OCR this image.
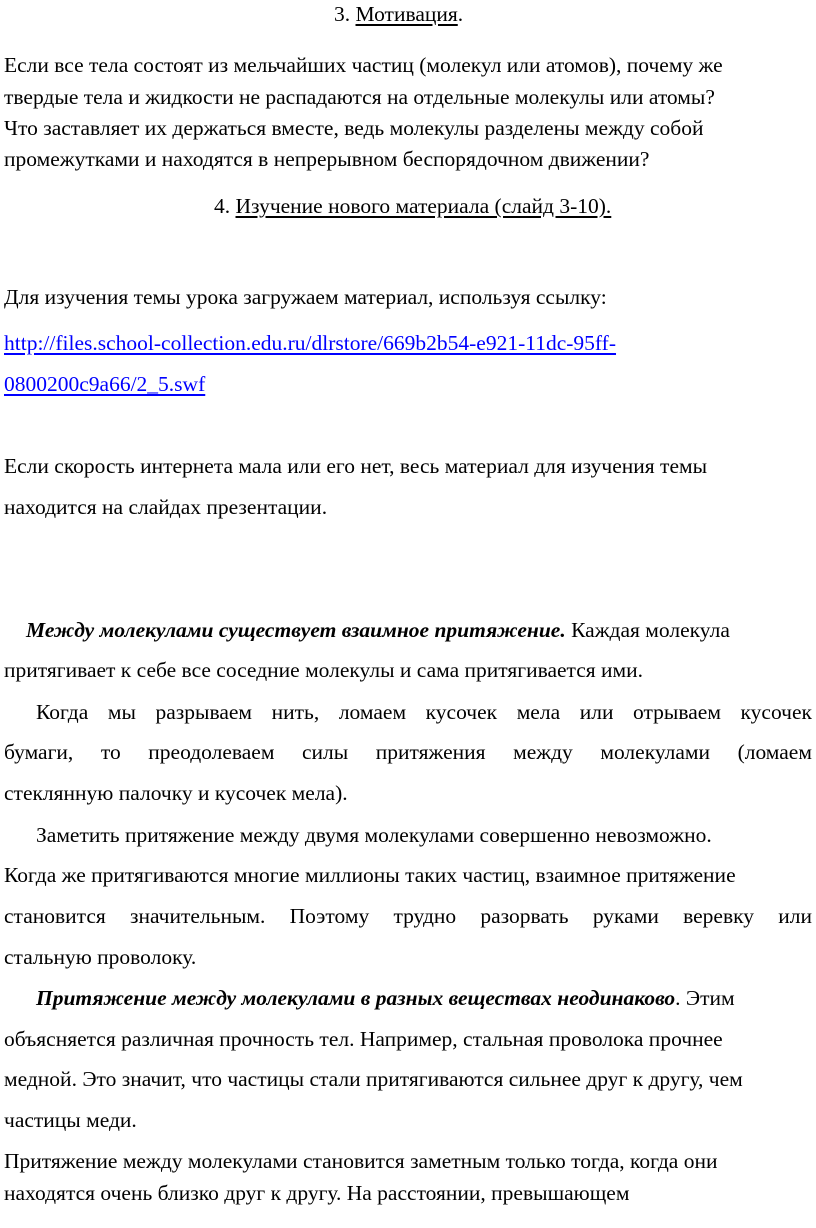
3. Мотивация.
Если все тела состоят из мельчайших частиц (молекул или атомов), почему же
твердые тела и жидкости не распадаются на отдельные молекулы или атомы?
Что заставляет их держаться вместе, ведь молекулы разделены между собой
промежутками и находятся в непрерывном беспорядочном движении?
4. Изучение нового материала (слайд 3-10).
Для изучения темы урока загружаем материал, используя ссылку:
http://files.school-collection.edu.ru/dlrstore/669b2b54-e921-11dc-95ff-
0800200c9a66/2_5.swf
Если скорость интернета мала или его нет, весь материал для изучения темы
находится на слайдах презентации.
Между молекулами существует взаимное притяжение. Каждая молекула
притягивает к себе все соседние молекулы и сама притягивается ими.
Когда мы разрываем нить, ломаем кусочек мела или отрываем кусочек
бумаги, то преодолеваем силы притяжения между молекулами (ломаем
стеклянную палочку и кусочек мела).
Заметить притяжение между двумя молекулами совершенно невозможно.
Когда же притягиваются многие миллионы таких частиц, взаимное притяжение
становится значительным. Поэтому трудно разорвать руками веревку или
стальную проволоку.
Притяжение между молекулами в разных веществах неодинаково. Этим
объясняется различная прочность тел. Например, стальная проволока прочнее
медной. Это значит, что частицы стали притягиваются сильнее друг к другу, чем
частицы меди.
Притяжение между молекулами становится заметным только тогда, когда они
находятся очень близко друг к другу. На расстоянии, превышающем
